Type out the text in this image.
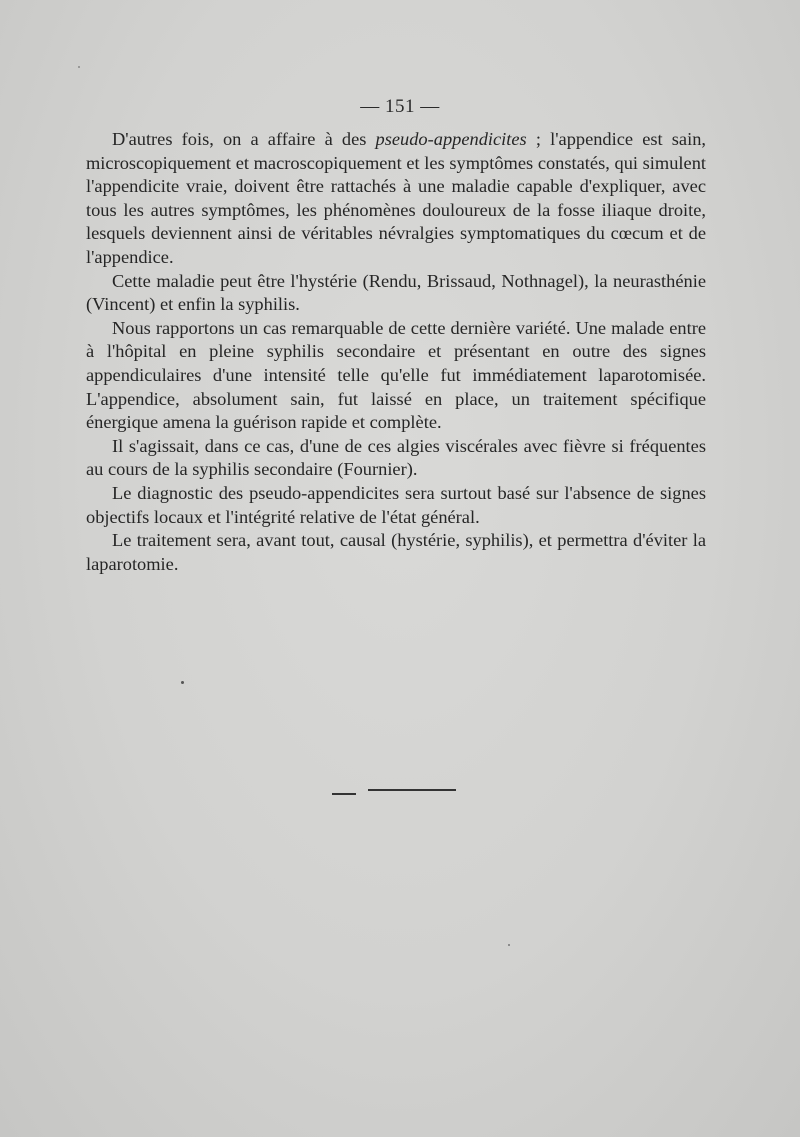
— 151 —

D'autres fois, on a affaire à des pseudo-appendicites ; l'appendice est sain, microscopiquement et macroscopiquement et les symptômes constatés, qui simulent l'appendicite vraie, doivent être rattachés à une maladie capable d'expliquer, avec tous les autres symptômes, les phénomènes douloureux de la fosse iliaque droite, lesquels deviennent ainsi de véritables névralgies symptomatiques du cœcum et de l'appendice.

Cette maladie peut être l'hystérie (Rendu, Brissaud, Nothnagel), la neurasthénie (Vincent) et enfin la syphilis.

Nous rapportons un cas remarquable de cette dernière variété. Une malade entre à l'hôpital en pleine syphilis secondaire et présentant en outre des signes appendiculaires d'une intensité telle qu'elle fut immédiatement laparotomisée. L'appendice, absolument sain, fut laissé en place, un traitement spécifique énergique amena la guérison rapide et complète.

Il s'agissait, dans ce cas, d'une de ces algies viscérales avec fièvre si fréquentes au cours de la syphilis secondaire (Fournier).

Le diagnostic des pseudo-appendicites sera surtout basé sur l'absence de signes objectifs locaux et l'intégrité relative de l'état général.

Le traitement sera, avant tout, causal (hystérie, syphilis), et permettra d'éviter la laparotomie.
